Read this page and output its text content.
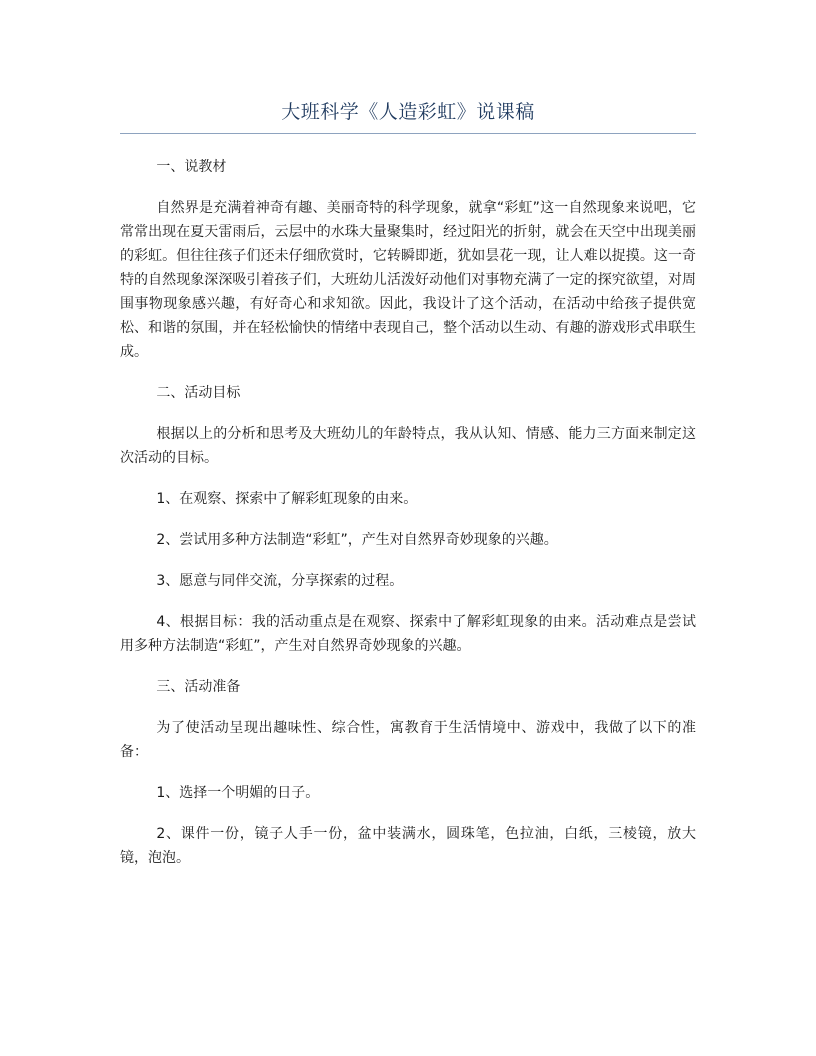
大班科学《人造彩虹》说课稿

一、说教材

自然界是充满着神奇有趣、美丽奇特的科学现象，就拿“彩虹”这一自然现象来说吧，它常常出现在夏天雷雨后，云层中的水珠大量聚集时，经过阳光的折射，就会在天空中出现美丽的彩虹。但往往孩子们还未仔细欣赏时，它转瞬即逝，犹如昙花一现，让人难以捉摸。这一奇特的自然现象深深吸引着孩子们，大班幼儿活泼好动他们对事物充满了一定的探究欲望，对周围事物现象感兴趣，有好奇心和求知欲。因此，我设计了这个活动，在活动中给孩子提供宽松、和谐的氛围，并在轻松愉快的情绪中表现自己，整个活动以生动、有趣的游戏形式串联生成。

二、活动目标

根据以上的分析和思考及大班幼儿的年龄特点，我从认知、情感、能力三方面来制定这次活动的目标。

1、在观察、探索中了解彩虹现象的由来。

2、尝试用多种方法制造“彩虹”，产生对自然界奇妙现象的兴趣。

3、愿意与同伴交流，分享探索的过程。

4、根据目标：我的活动重点是在观察、探索中了解彩虹现象的由来。活动难点是尝试用多种方法制造“彩虹”，产生对自然界奇妙现象的兴趣。

三、活动准备

为了使活动呈现出趣味性、综合性，寓教育于生活情境中、游戏中，我做了以下的准备：

1、选择一个明媚的日子。

2、课件一份，镜子人手一份，盆中装满水，圆珠笔，色拉油，白纸，三棱镜，放大镜，泡泡。
